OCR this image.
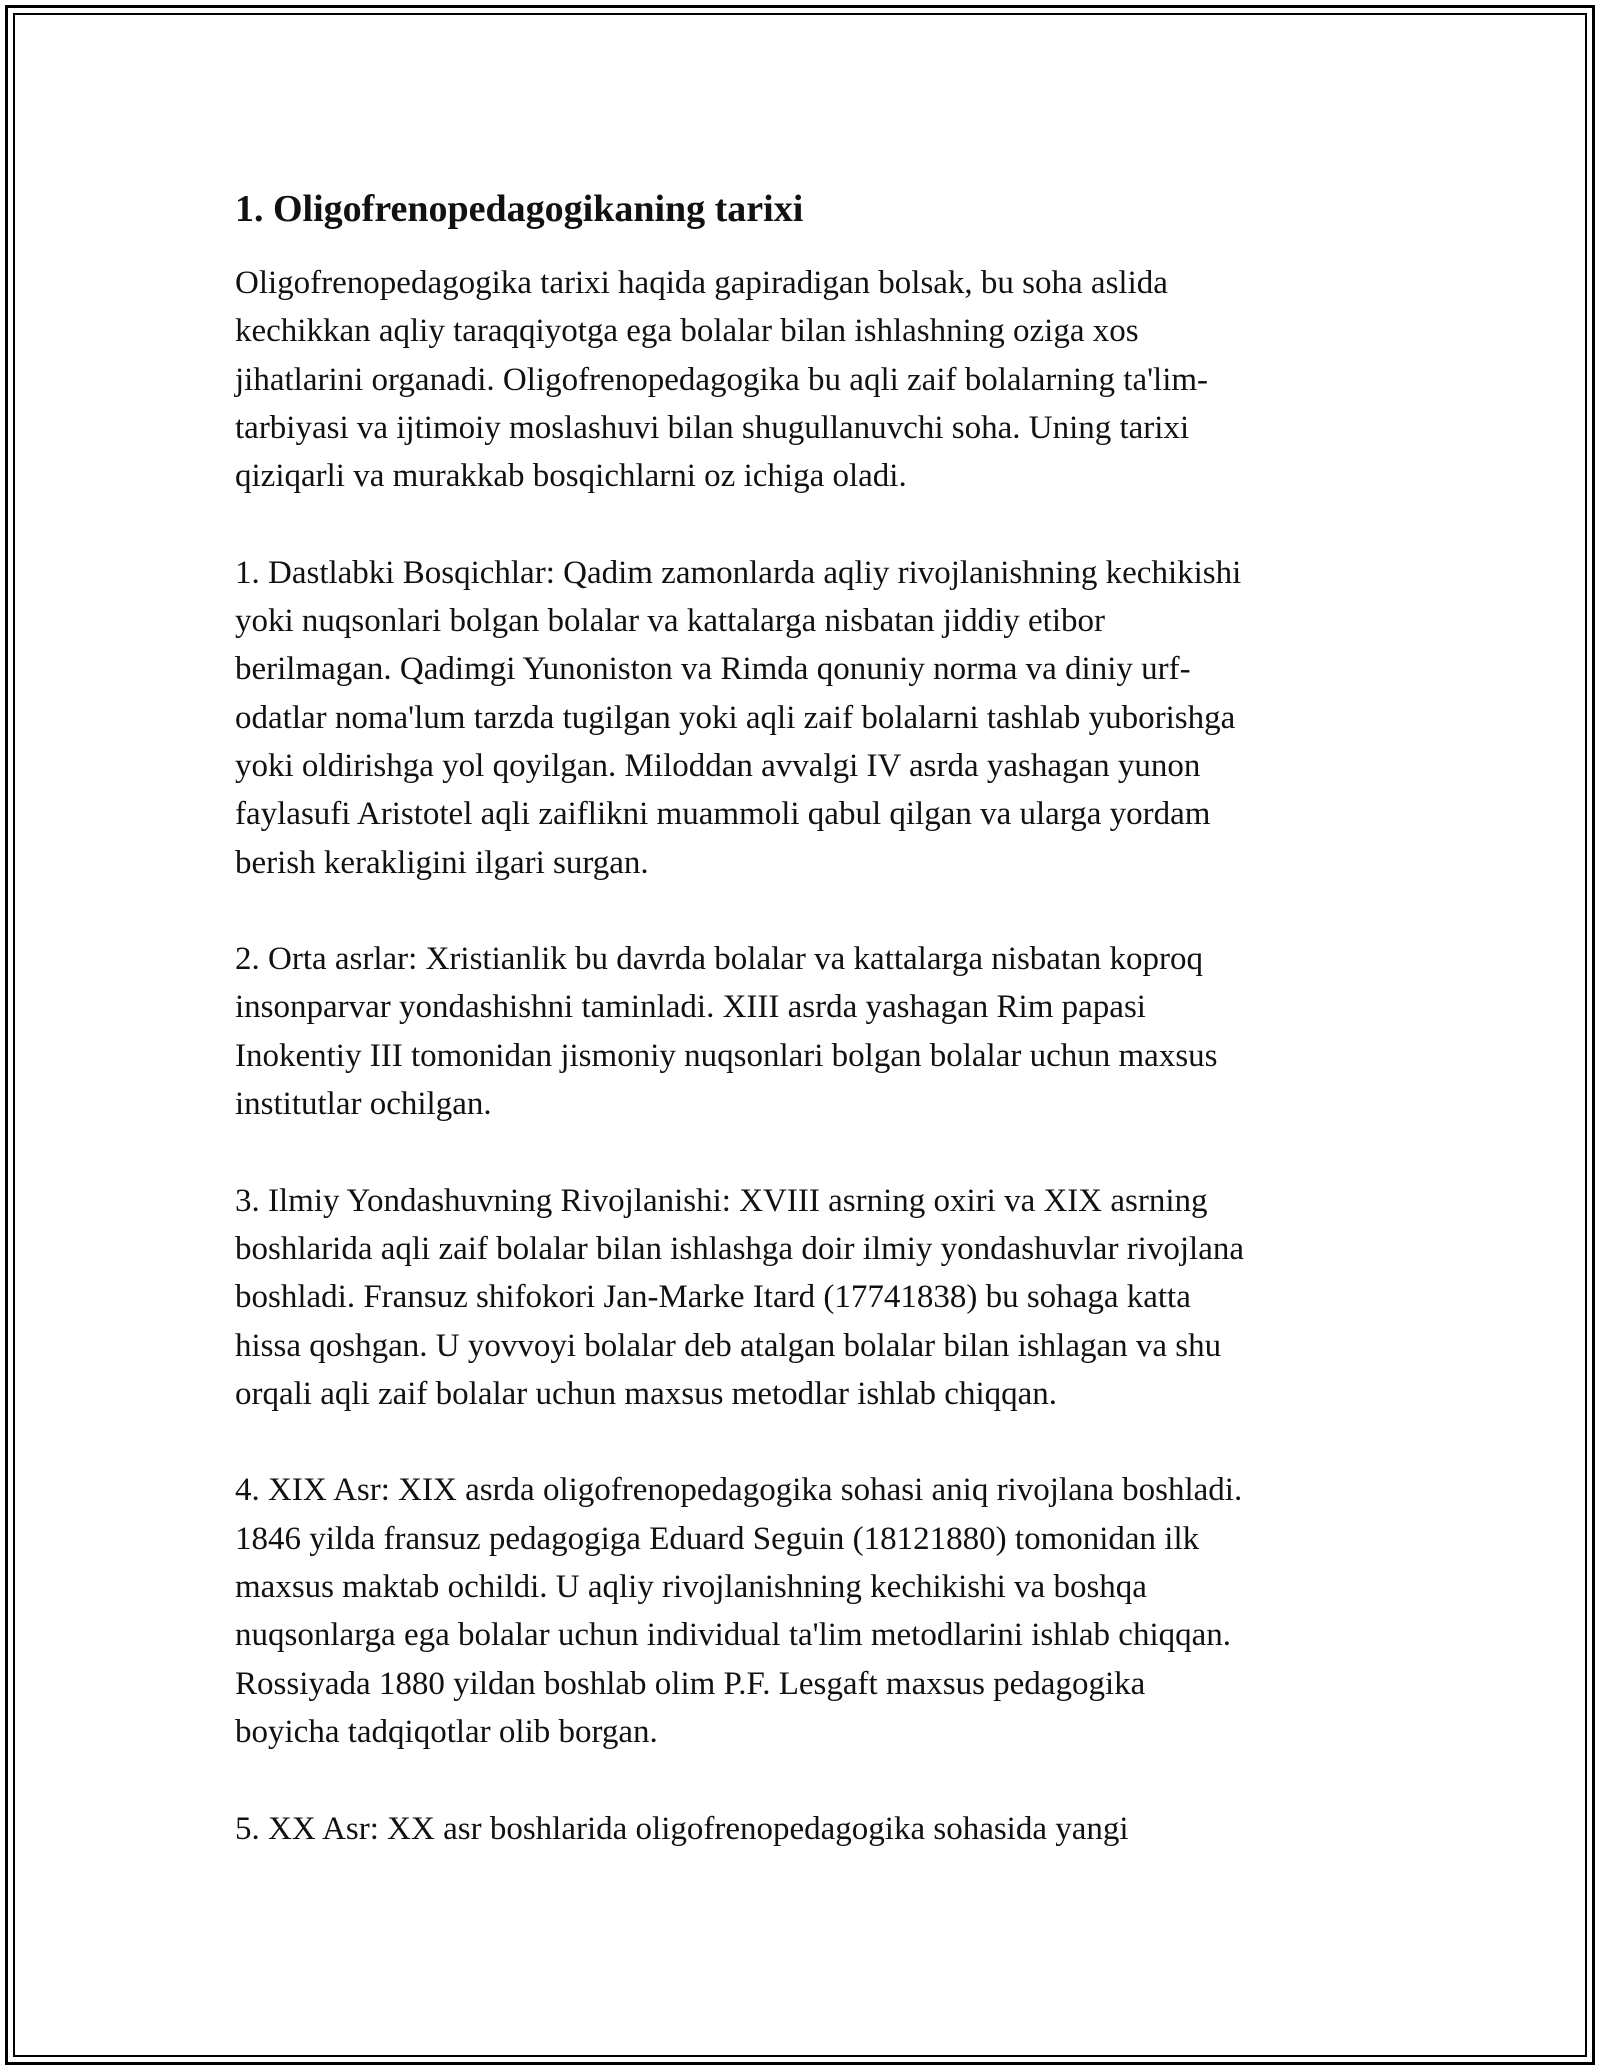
1. Oligofrenopedagogikaning tarixi

Oligofrenopedagogika tarixi haqida gapiradigan bolsak, bu soha aslida
kechikkan aqliy taraqqiyotga ega bolalar bilan ishlashning oziga xos
jihatlarini organadi. Oligofrenopedagogika bu aqli zaif bolalarning ta'lim-
tarbiyasi va ijtimoiy moslashuvi bilan shugullanuvchi soha. Uning tarixi
qiziqarli va murakkab bosqichlarni oz ichiga oladi.

1. Dastlabki Bosqichlar: Qadim zamonlarda aqliy rivojlanishning kechikishi
yoki nuqsonlari bolgan bolalar va kattalarga nisbatan jiddiy etibor
berilmagan. Qadimgi Yunoniston va Rimda qonuniy norma va diniy urf-
odatlar noma'lum tarzda tugilgan yoki aqli zaif bolalarni tashlab yuborishga
yoki oldirishga yol qoyilgan. Miloddan avvalgi IV asrda yashagan yunon
faylasufi Aristotel aqli zaiflikni muammoli qabul qilgan va ularga yordam
berish kerakligini ilgari surgan.

2. Orta asrlar: Xristianlik bu davrda bolalar va kattalarga nisbatan koproq
insonparvar yondashishni taminladi. XIII asrda yashagan Rim papasi
Inokentiy III tomonidan jismoniy nuqsonlari bolgan bolalar uchun maxsus
institutlar ochilgan.

3. Ilmiy Yondashuvning Rivojlanishi: XVIII asrning oxiri va XIX asrning
boshlarida aqli zaif bolalar bilan ishlashga doir ilmiy yondashuvlar rivojlana
boshladi. Fransuz shifokori Jan-Marke Itard (17741838) bu sohaga katta
hissa qoshgan. U yovvoyi bolalar deb atalgan bolalar bilan ishlagan va shu
orqali aqli zaif bolalar uchun maxsus metodlar ishlab chiqqan.

4. XIX Asr: XIX asrda oligofrenopedagogika sohasi aniq rivojlana boshladi.
1846 yilda fransuz pedagogiga Eduard Seguin (18121880) tomonidan ilk
maxsus maktab ochildi. U aqliy rivojlanishning kechikishi va boshqa
nuqsonlarga ega bolalar uchun individual ta'lim metodlarini ishlab chiqqan.
Rossiyada 1880 yildan boshlab olim P.F. Lesgaft maxsus pedagogika
boyicha tadqiqotlar olib borgan.

5. XX Asr: XX asr boshlarida oligofrenopedagogika sohasida yangi
